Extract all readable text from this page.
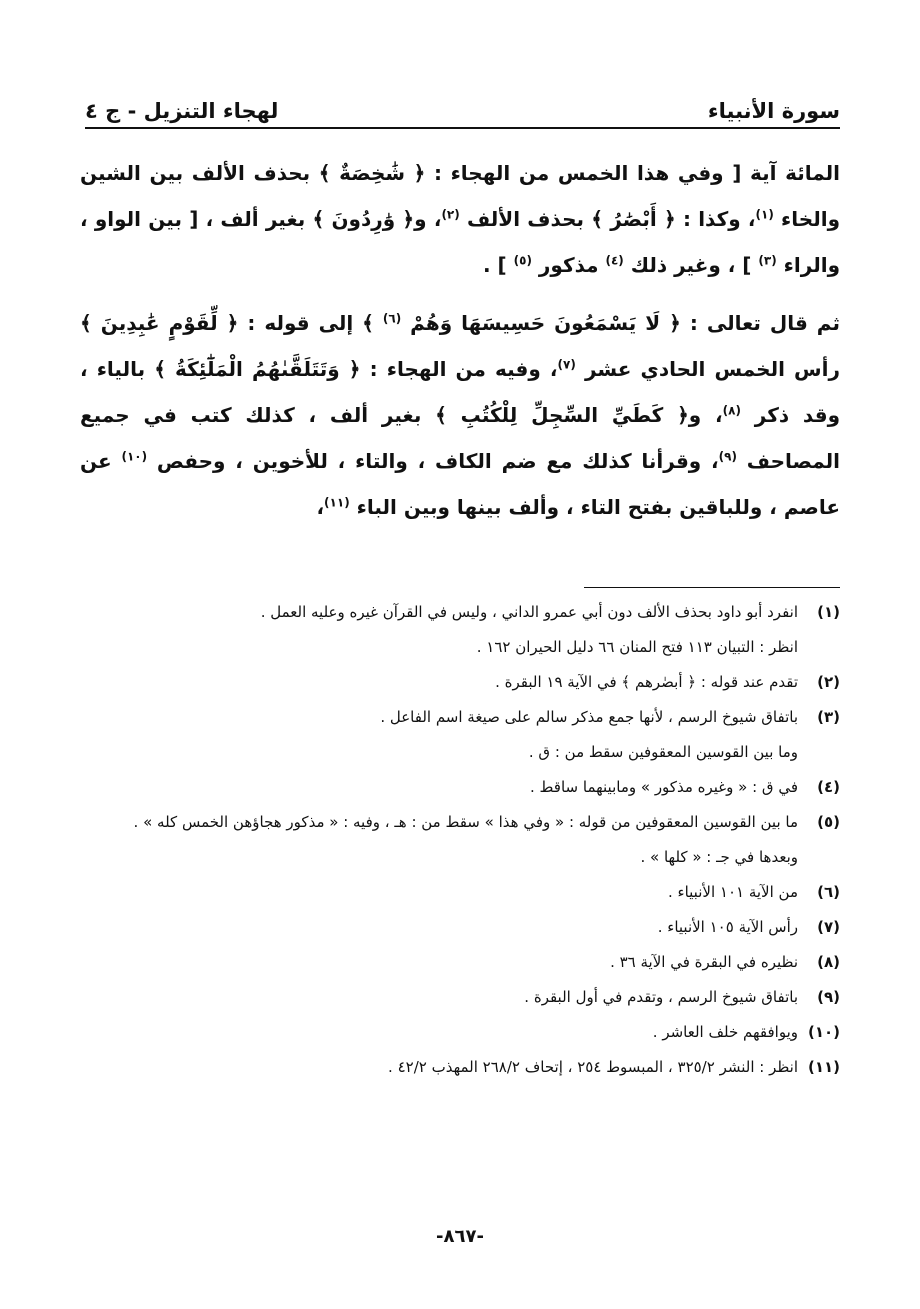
لهجاء التنزيل - ج ٤	سورة الأنبياء

المائة آية [ وفي هذا الخمس من الهجاء : ﴿ شَٰخِصَةٌ ﴾ بحذف الألف بين الشين والخاء $^{(١)}$، وكذا : ﴿ أَبْصَٰرُ ﴾ بحذف الألف $^{(٢)}$، و﴿ وَٰرِدُونَ ﴾ بغير ألف ، [ بين الواو ، والراء $^{(٣)}$ ] ، وغير ذلك $^{(٤)}$ مذكور $^{(٥)}$ ] .

ثم قال تعالى : ﴿ لَا يَسْمَعُونَ حَسِيسَهَا وَهُمْ $^{(٦)}$ ﴾ إلى قوله : ﴿ لِّقَوْمٍ عَٰبِدِينَ ﴾ رأس الخمس الحادي عشر $^{(٧)}$، وفيه من الهجاء : ﴿ وَتَتَلَقَّىٰهُمُ الْمَلَٰٓئِكَةُ ﴾ بالياء ، وقد ذكر $^{(٨)}$، و﴿ كَطَيِّ السِّجِلِّ لِلْكُتُبِ ﴾ بغير ألف ، كذلك كتب في جميع المصاحف $^{(٩)}$، وقرأنا كذلك مع ضم الكاف ، والتاء ، للأخوين ، وحفص $^{(١٠)}$ عن عاصم ، وللباقين بفتح التاء ، وألف بينها وبين الباء $^{(١١)}$،

(١)
انفرد أبو داود بحذف الألف دون أبي عمرو الداني ، وليس في القرآن غيره وعليه العمل .
انظر : التبيان ١١٣ فتح المنان ٦٦ دليل الحيران ١٦٢ .
(٢)
تقدم عند قوله : ﴿ أبصٰرهم ﴾ في الآية ١٩ البقرة .
(٣)
باتفاق شيوخ الرسم ، لأنها جمع مذكر سالم على صيغة اسم الفاعل .
وما بين القوسين المعقوفين سقط من : ق .
(٤)
في ق : « وغيره مذكور » ومابينهما ساقط .
(٥)
ما بين القوسين المعقوفين من قوله : « وفي هذا » سقط من : هـ ، وفيه : « مذكور هجاؤهن الخمس كله » .
وبعدها في جـ : « كلها » .
(٦)
من الآية ١٠١ الأنبياء .
(٧)
رأس الآية ١٠٥ الأنبياء .
(٨)
نظيره في البقرة في الآية ٣٦ .
(٩)
باتفاق شيوخ الرسم ، وتقدم في أول البقرة .
(١٠)
ويوافقهم خلف العاشر .
(١١)
انظر : النشر ٣٢٥/٢ ، المبسوط ٢٥٤ ، إتحاف ٢٦٨/٢ المهذب ٤٢/٢ .
-٨٦٧-
